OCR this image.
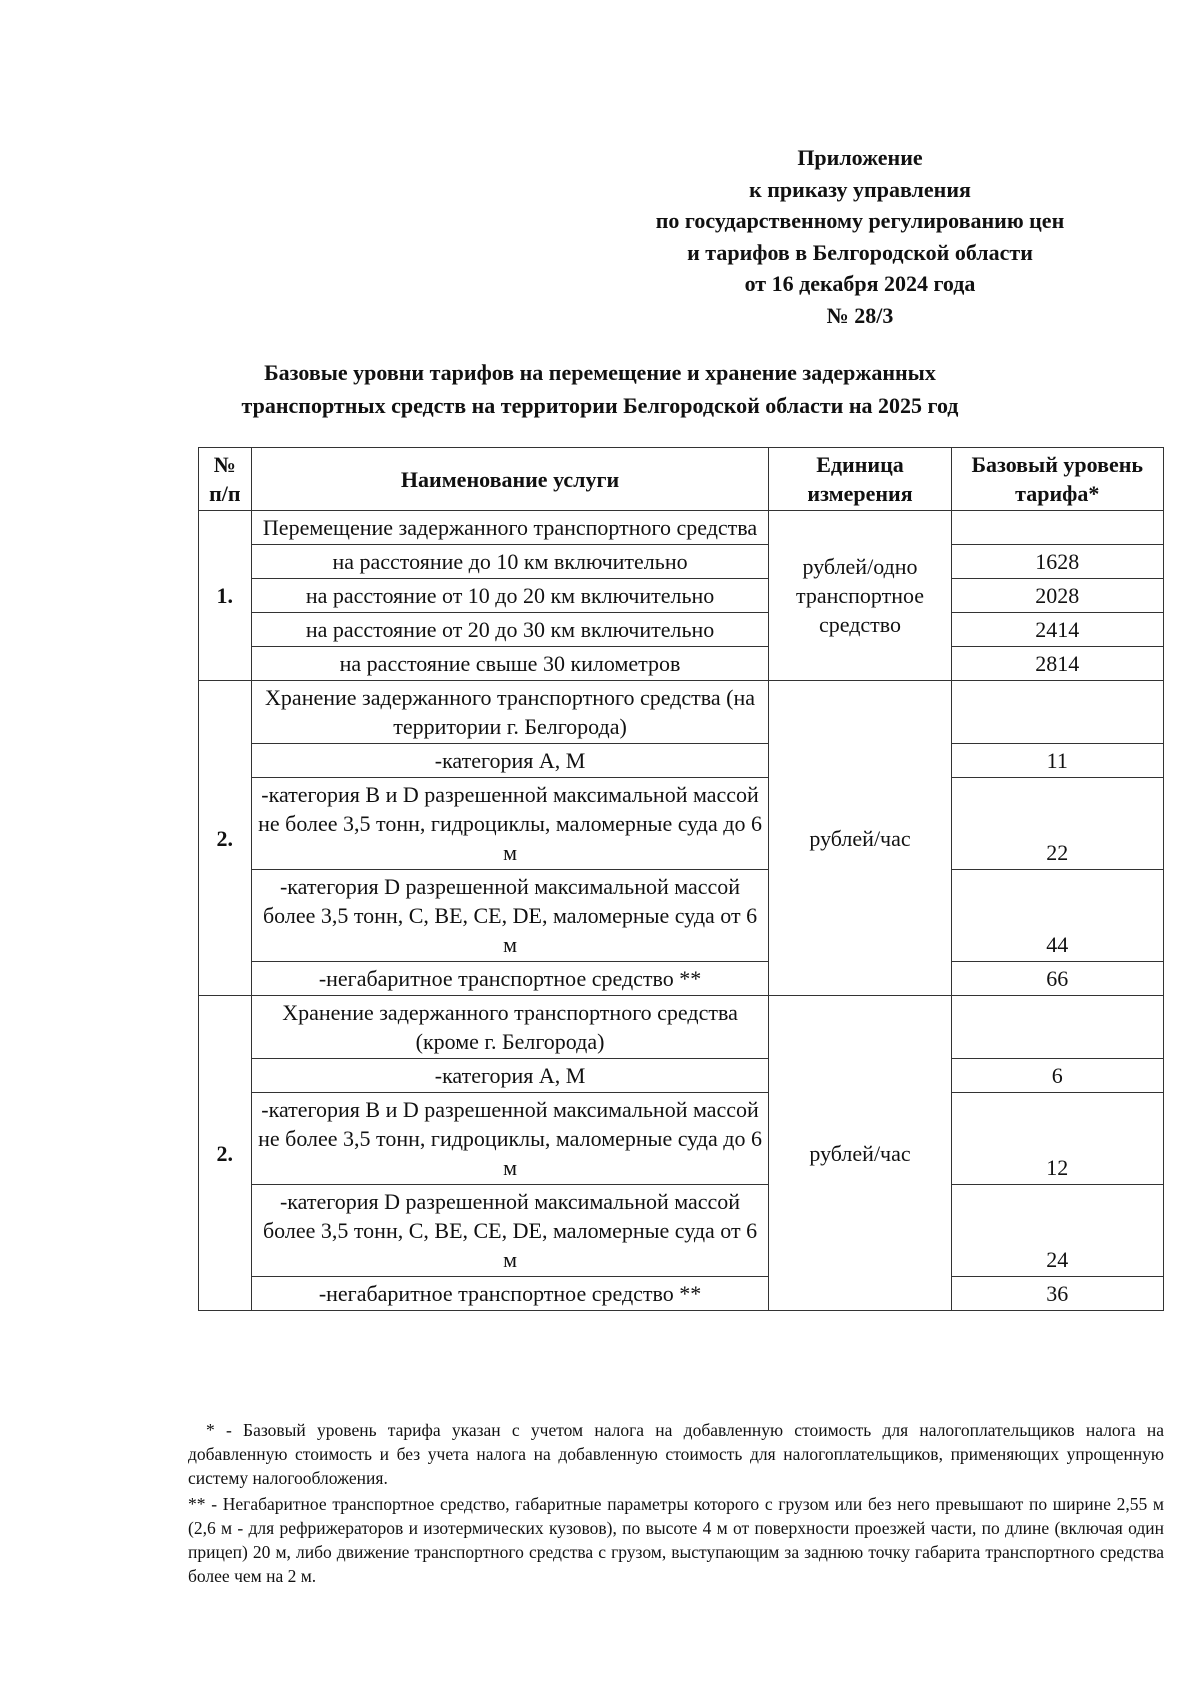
Приложение
к приказу управления
по государственному регулированию цен
и тарифов в Белгородской области
от 16 декабря 2024 года
№ 28/3
Базовые уровни тарифов на перемещение и хранение задержанных
транспортных средств на территории Белгородской области на 2025 год
№ п/п	Наименование услуги	Единица измерения	Базовый уровень тарифа*
1.	Перемещение задержанного транспортного средства	рублей/одно транспортное средство	
	на расстояние до 10 км включительно		1628
	на расстояние от 10 до 20 км включительно		2028
	на расстояние от 20 до 30 км включительно		2414
	на расстояние свыше 30 километров		2814
2.	Хранение задержанного транспортного средства (на территории г. Белгорода)	рублей/час	
	-категория А, М		11
	-категория В и D разрешенной максимальной массой не более 3,5 тонн, гидроциклы, маломерные суда до 6 м		22
	-категория D разрешенной максимальной массой более 3,5 тонн, С, ВЕ, СЕ, DE, маломерные суда от 6 м		44
	-негабаритное транспортное средство **		66
2.	Хранение задержанного транспортного средства (кроме г. Белгорода)	рублей/час	
	-категория А, М		6
	-категория В и D разрешенной максимальной массой не более 3,5 тонн, гидроциклы, маломерные суда до 6 м		12
	-категория D разрешенной максимальной массой более 3,5 тонн, С, ВЕ, СЕ, DE, маломерные суда от 6 м		24
	-негабаритное транспортное средство **		36

* - Базовый уровень тарифа указан с учетом налога на добавленную стоимость для налогоплательщиков налога на добавленную стоимость и без учета налога на добавленную стоимость для налогоплательщиков, применяющих упрощенную систему налогообложения.

** - Негабаритное транспортное средство, габаритные параметры которого с грузом или без него превышают по ширине 2,55 м (2,6 м - для рефрижераторов и изотермических кузовов), по высоте 4 м от поверхности проезжей части, по длине (включая один прицеп) 20 м, либо движение транспортного средства с грузом, выступающим за заднюю точку габарита транспортного средства более чем на 2 м.
